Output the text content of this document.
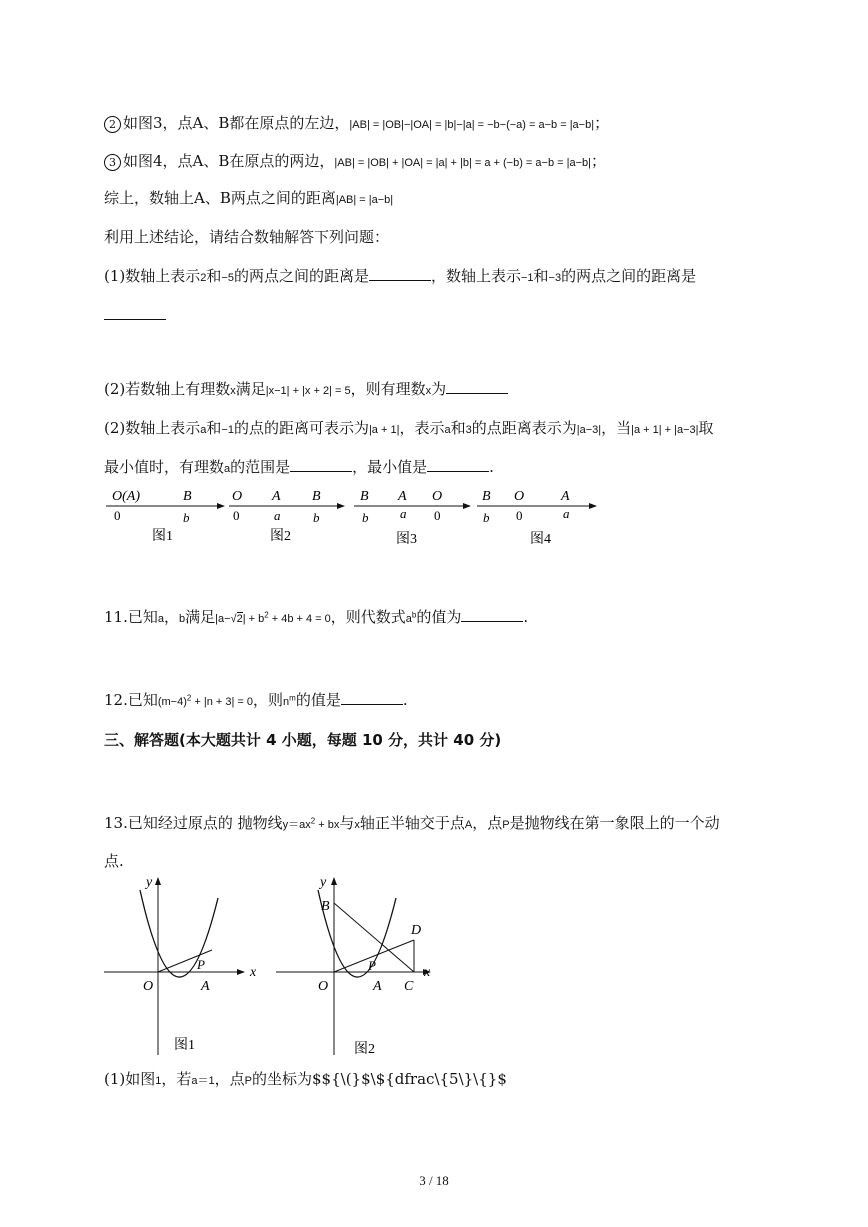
2 如图3，点A、B都在原点的左边，|AB| = |OB|−|OA| = |b|−|a| = −b−(−a) = a−b = |a−b|；
3 如图4，点A、B在原点的两边，|AB| = |OB| + |OA| = |a| + |b| = a + (−b) = a−b = |a−b|；
综上，数轴上A、B两点之间的距离|AB| = |a−b|
利用上述结论，请结合数轴解答下列问题：
(1)数轴上表示2和−5的两点之间的距离是	，数轴上表示−1和−3的两点之间的距离是
(2)若数轴上有理数x满足|x−1| + |x + 2| = 5，则有理数x为
(2)数轴上表示a和−1的点的距离可表示为|a + 1|，表示a和3的点距离表示为|a−3|，当|a + 1| + |a−3|取
最小值时，有理数a的范围是	，最小值是	.
O(A)	B
0	b
图1
O A B
0	a	b
图2
B A O
b a 0
图3
B O	A
b 0	a
图4
11.已知a，b满足$|a-√2| + b^2 + 4b + 4 = 0$，则代数式$a^b$的值为	.
12.已知$(m-4)^2 + |n + 3| = 0$，则$n^m$的值是	.
三、解答题(本大题共计 4 小题，每题 10 分，共计 40 分)
13.已知经过原点的 抛物线$y=ax^2$ + bx与x轴正半轴交于点A，点P是抛物线在第一象限上的一个动
点.
y
x
O	A
P
图1
y
x
B
D
O
P
A C
图2
(1)如图1，若a＝1，点P的坐标为$${\(}$\${dfrac\{5\}\{}$
3 / 18
